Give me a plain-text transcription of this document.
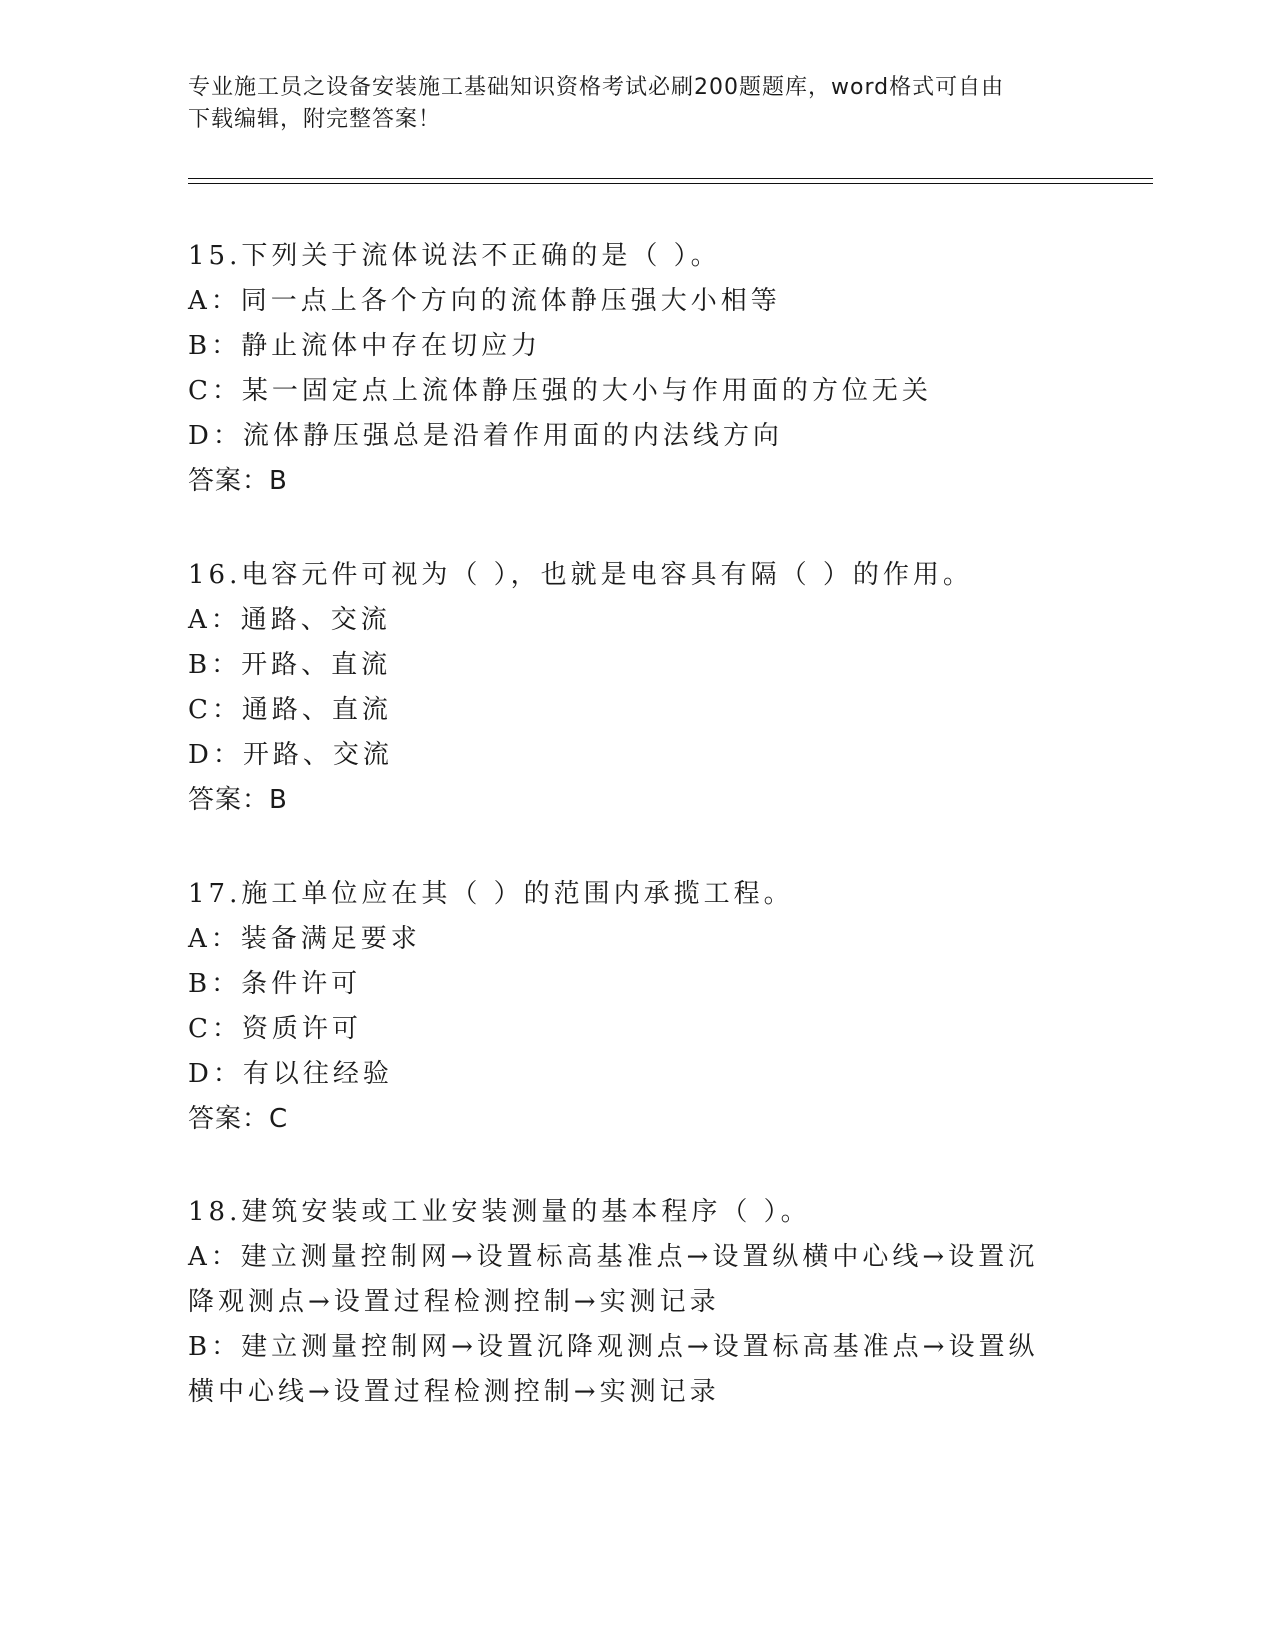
专业施工员之设备安装施工基础知识资格考试必刷200题题库，word格式可自由
下载编辑，附完整答案！
15.下列关于流体说法不正确的是（ ）。
A：同一点上各个方向的流体静压强大小相等
B：静止流体中存在切应力
C：某一固定点上流体静压强的大小与作用面的方位无关
D：流体静压强总是沿着作用面的内法线方向
答案：B
16.电容元件可视为（ ），也就是电容具有隔（ ）的作用。
A：通路、交流
B：开路、直流
C：通路、直流
D：开路、交流
答案：B
17.施工单位应在其（ ）的范围内承揽工程。
A：装备满足要求
B：条件许可
C：资质许可
D：有以往经验
答案：C
18.建筑安装或工业安装测量的基本程序（ ）。
A：建立测量控制网→设置标高基准点→设置纵横中心线→设置沉降观测点→设置过程检测控制→实测记录
B：建立测量控制网→设置沉降观测点→设置标高基准点→设置纵横中心线→设置过程检测控制→实测记录
